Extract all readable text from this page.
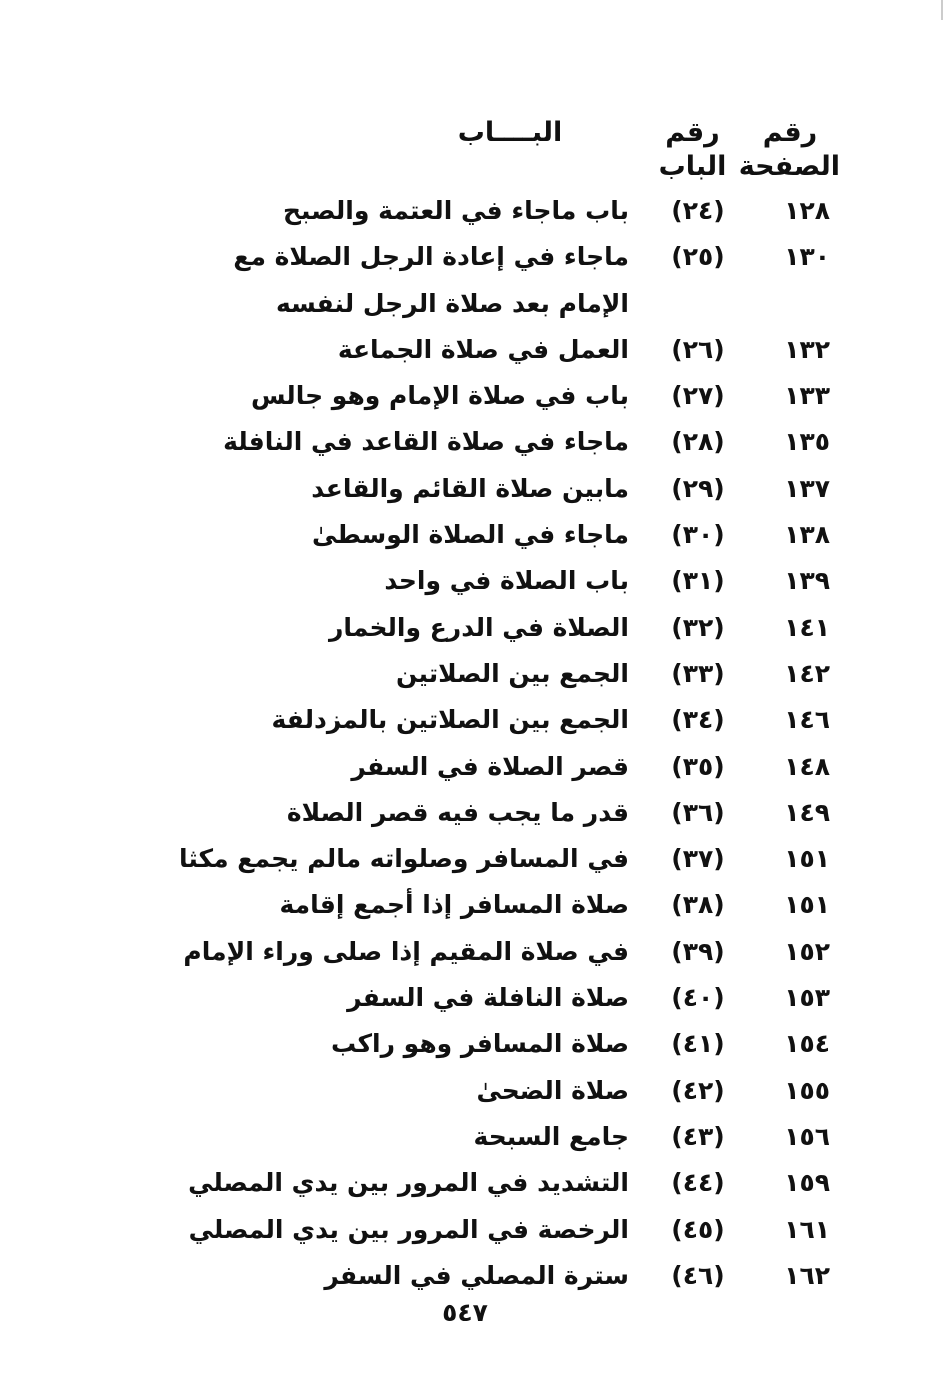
رقم
الصفحة
رقم
الباب
البــــاب
١٢٨
(٢٤)
باب ماجاء في العتمة والصبح
١٣٠
(٢٥)
ماجاء في إعادة الرجل الصلاة مع
الإمام بعد صلاة الرجل لنفسه
١٣٢
(٢٦)
العمل في صلاة الجماعة
١٣٣
(٢٧)
باب في صلاة الإمام وهو جالس
١٣٥
(٢٨)
ماجاء في صلاة القاعد في النافلة
١٣٧
(٢٩)
مابين صلاة القائم والقاعد
١٣٨
(٣٠)
ماجاء في الصلاة الوسطىٰ
١٣٩
(٣١)
باب الصلاة في واحد
١٤١
(٣٢)
الصلاة في الدرع والخمار
١٤٢
(٣٣)
الجمع بين الصلاتين
١٤٦
(٣٤)
الجمع بين الصلاتين بالمزدلفة
١٤٨
(٣٥)
قصر الصلاة في السفر
١٤٩
(٣٦)
قدر ما يجب فيه قصر الصلاة
١٥١
(٣٧)
في المسافر وصلواته مالم يجمع مكثا
١٥١
(٣٨)
صلاة المسافر إذا أجمع إقامة
١٥٢
(٣٩)
في صلاة المقيم إذا صلى وراء الإمام
١٥٣
(٤٠)
صلاة النافلة في السفر
١٥٤
(٤١)
صلاة المسافر وهو راكب
١٥٥
(٤٢)
صلاة الضحىٰ
١٥٦
(٤٣)
جامع السبحة
١٥٩
(٤٤)
التشديد في المرور بين يدي المصلي
١٦١
(٤٥)
الرخصة في المرور بين يدي المصلي
١٦٢
(٤٦)
سترة المصلي في السفر
٥٤٧
